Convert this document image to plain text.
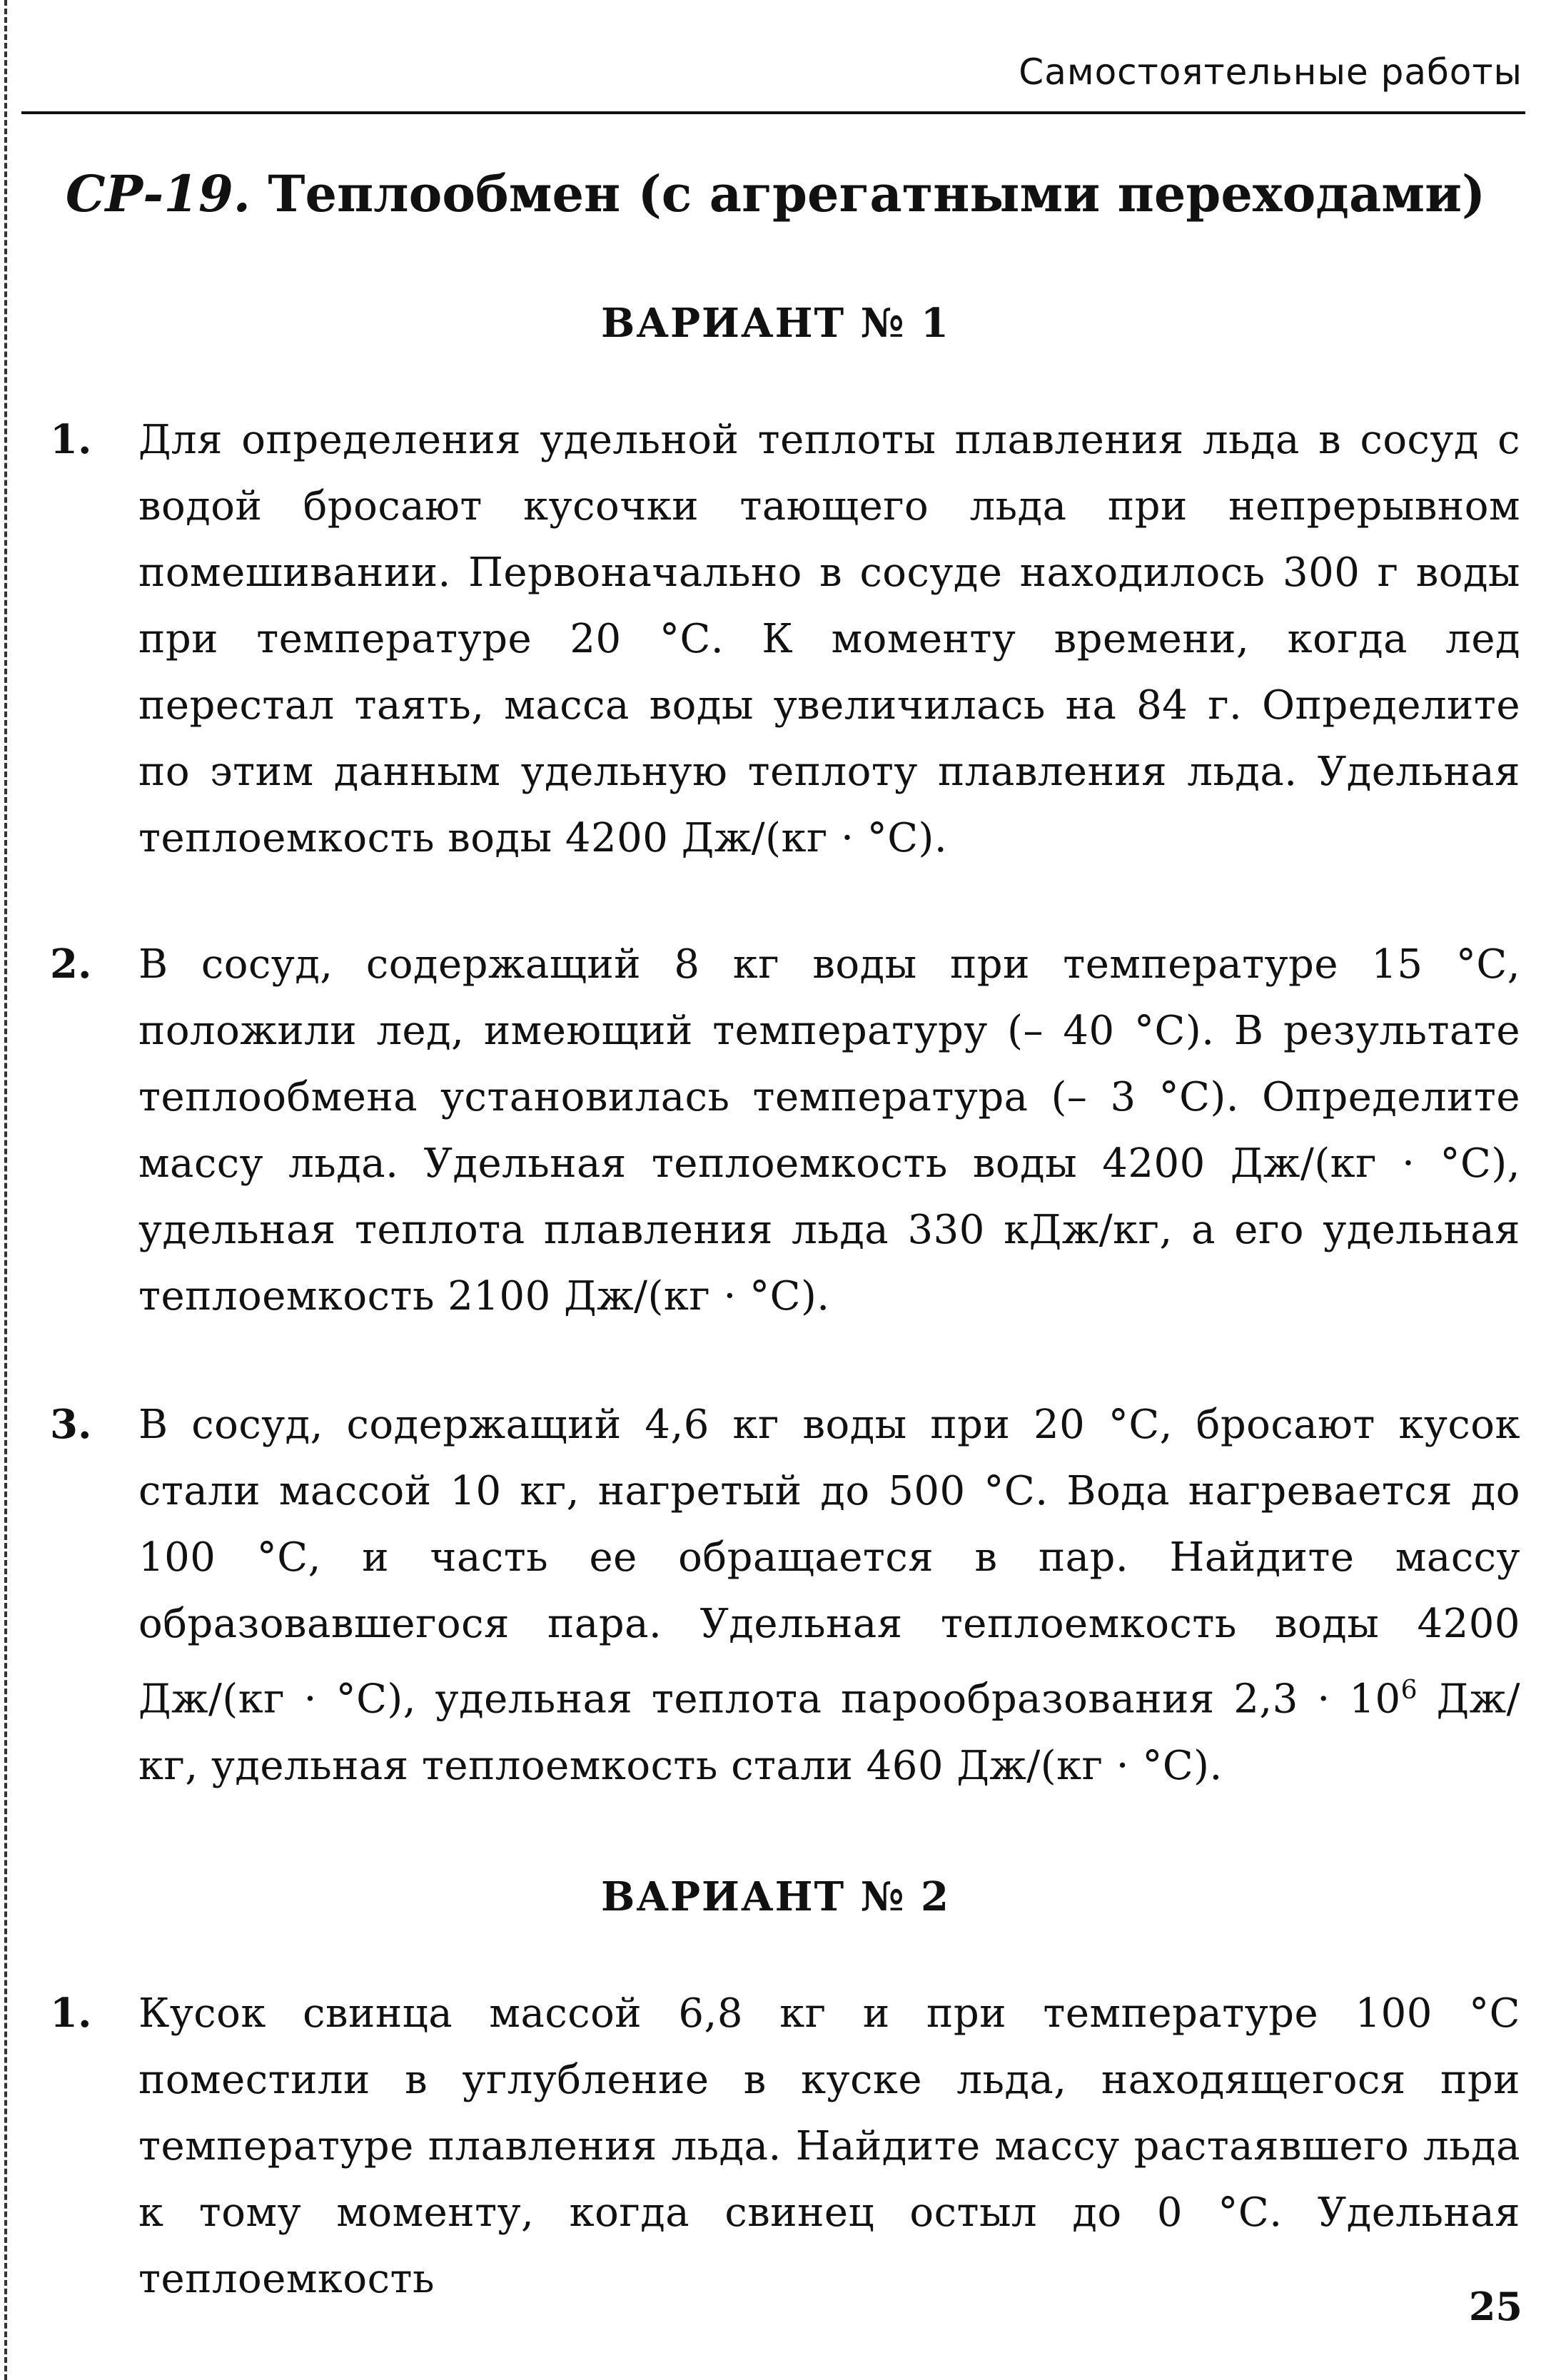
Самостоятельные работы
СР-19. Теплообмен (с агрегатными переходами)
ВАРИАНТ № 1
1. Для определения удельной теплоты плавления льда в сосуд с водой бросают кусочки тающего льда при непрерывном помешивании. Первоначально в сосуде находилось 300 г воды при температуре 20 °С. К моменту времени, когда лед перестал таять, масса воды увеличилась на 84 г. Определите по этим данным удельную теплоту плавления льда. Удельная теплоемкость воды 4200 Дж/(кг · °С).
2. В сосуд, содержащий 8 кг воды при температуре 15 °С, положили лед, имеющий температуру (– 40 °С). В результате теплообмена установилась температура (– 3 °С). Определите массу льда. Удельная теплоемкость воды 4200 Дж/(кг · °С), удельная теплота плавления льда 330 кДж/кг, а его удельная теплоемкость 2100 Дж/(кг · °С).
3. В сосуд, содержащий 4,6 кг воды при 20 °С, бросают кусок стали массой 10 кг, нагретый до 500 °С. Вода нагревается до 100 °С, и часть ее обращается в пар. Найдите массу образовавшегося пара. Удельная теплоемкость воды 4200 Дж/(кг · °С), удельная теплота парообразования $2,3 \cdot 10^6$ Дж/кг, удельная теплоемкость стали 460 Дж/(кг · °С).
ВАРИАНТ № 2
1. Кусок свинца массой 6,8 кг и при температуре 100 °С поместили в углубление в куске льда, находящегося при температуре плавления льда. Найдите массу растаявшего льда к тому моменту, когда свинец остыл до 0 °С. Удельная теплоемкость
25
